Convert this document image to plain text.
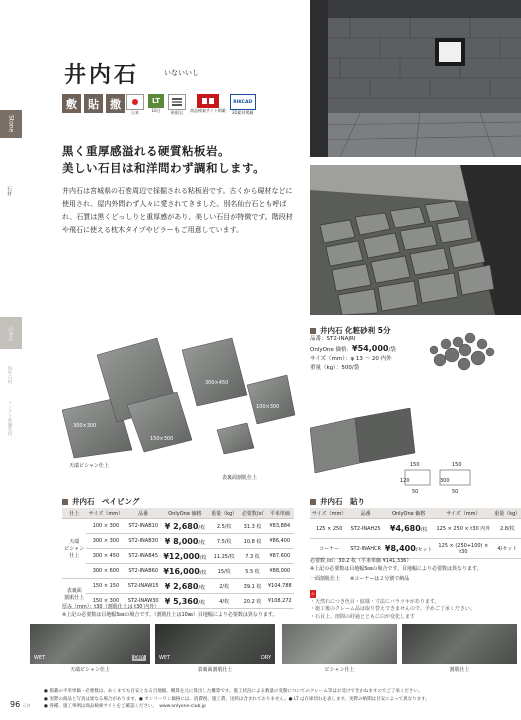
Stone
石材
日本石
海外石材
コンクリ系舗装材
井内石	いないいし
敷	貼	撒
日本
LT
10日	粘板岩 商品検索サイト掲載
RIKCAD
3D素材掲載
黒く重厚感溢れる硬質粘板岩。
美しい石目は和洋問わず調和します。
井内石は宮城県の石巻周辺で採掘される粘板岩です。古くから硯材などに使用され、屋内外問わず人々に愛されてきました。別名仙台石とも呼ばれ、石質は黒くどっしりと重厚感があり、美しい石目が特徴です。階段材や飛石に使える枕木タイプやピラーもご用意しています。
300×600
300×450
300×300
150×300
150×150
100×300
天端ビシャン仕上
表裏面割肌仕上
150	150
120	300
50	50
井内石 化粧砂利 5分
品番：ST2-INAJRI
OnlyOne 価格：¥54,000/袋
サイズ（mm）：φ 13 〜 20 内外
重量（kg）：500/袋
井内石　ペイビング
仕上	サイズ（mm）	品番	OnlyOne 価格	重量（kg）	必要数/㎡	平米単価
天端
ビシャン
仕上	100 × 300	ST2-INAB10	¥ 2,680/枚	2.5/枚	31.3 枚	¥83,884
	300 × 300	ST2-INAB30	¥ 8,000/枚	7.5/枚	10.8 枚	¥86,400
	300 × 450	ST2-INAB45	¥12,000/枚	11.25/枚	7.3 枚	¥87,600
	300 × 600	ST2-INAB60	¥16,000/枚	15/枚	5.5 枚	¥88,000
表裏面
割肌仕上	150 × 150	ST2-INAW15	¥ 2,680/枚	2/枚	39.1 枚	¥104,788
	150 × 300	ST2-INAW30	¥ 5,360/枚	4/枚	20.2 枚	¥108,272
厚み（mm）：t30（割肌仕上は t30 内外）
※上記の必要数は目地幅5㎜の場合です。（割肌仕上は10㎜）目地幅により必要数は異なります。
井内石　貼り
サイズ（mm）	品番	OnlyOne 価格	サイズ（mm）	重量（kg）
125 × 250	ST2-INAH25	¥4,680/枚	125 × 250 × t30 内外	2.8/枚
コーナー	ST2-INAHCR	¥8,400/セット	125 × (250+100) × t30	4/セット
必要数 /㎡：30.2 枚（平米単価 ¥141,336）
※上記の必要数は目地幅5㎜の場合です。目地幅により必要数は異なります。
一面割肌仕上　　※コーナーは２分割で納品
⚠
・天然石につき色目・紋様・寸法にバラツキがあります。
・施工後のクレーム品は取り替えできませんので、予めご了承ください。
・石目上、雨間の経過とともに白が変化します
WET	DRY	WET	DRY
天端ビシャン仕上	表裏面割肌仕上	ビシャン仕上	割肌仕上
● 掲載の平米単価・必要数は、あくまでも目安となる目地幅、概算を元に算出した概算です。施工状況による数量の変動についてのクレーム等はお受けできかねますのでご了承ください。
● 実際の商品と写真は異なる場合があります。● オンリーワン価格には、消費税、施工費、送料は含まれておりません。● LT は在庫切れを表します。実際の納期は目安によって異なります。
● 各種、施工事例は商品検索サイトをご確認ください。　www.onlyone-club.jp
96 石材
